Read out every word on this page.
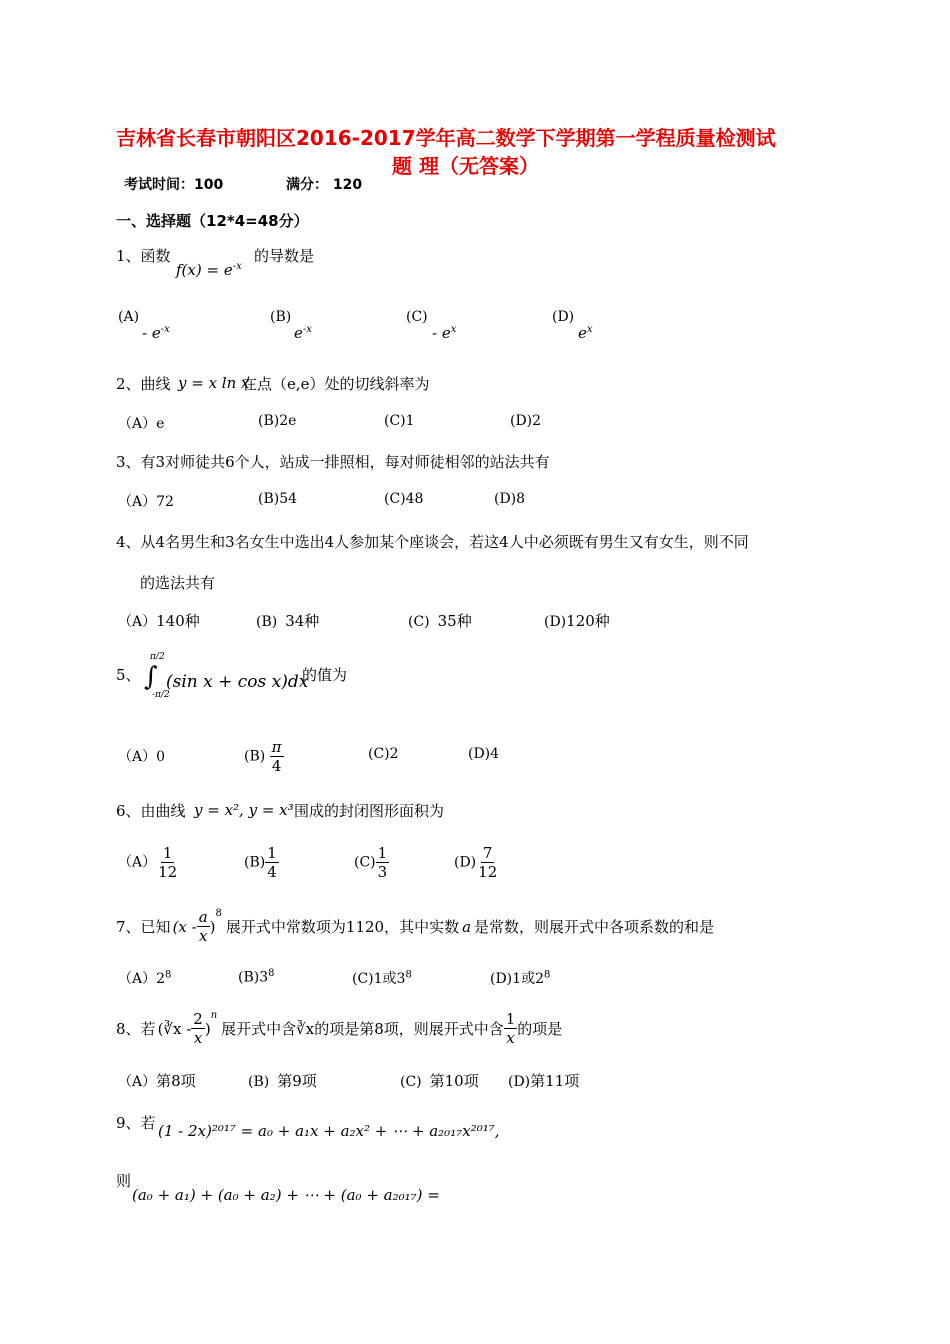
吉林省长春市朝阳区2016-2017学年高二数学下学期第一学程质量检测试
题 理（无答案）
考试时间：100	满分： 120
一、选择题（12*4=48分）
1、函数
$f(x) = e^{-x}$
的导数是
(A)
- $e^{-x}$
(B)
$e^{-x}$
(C)
- $e^x$
(D)
$e^x$
2、曲线 y = x ln x
在点（e,e）处的切线斜率为
（A）e	(B)2e	(C)1	(D)2
3、有3对师徒共6个人，站成一排照相，每对师徒相邻的站法共有
（A）72	(B)54	(C)48	(D)8
4、从4名男生和3名女生中选出4人参加某个座谈会，若这4人中必须既有男生又有女生，则不同
的选法共有
（A）140种	(B) 34种	(C) 35种	(D)120种
5、 ∫
π/2
-π/2
(sin x + cos x)dx
的值为
（A）0	$(B) \frac{\pi}{4}$	(C)2	(D)4
6、由曲线 y = x², y = x³ 围成的封闭图形面积为
$(A) \frac{1}{12}$	$(B) \frac{1}{4}$	$(C) \frac{1}{3}$	$(D) \frac{7}{12}$
7、 已知 ($x - \frac{a}{x}$ )
$^8$
展开式中常数项为1120，其中实数 a 是常数，则展开式中各项系数的和是
$(A)2^8$	$(B)3^8$	(C)1或$3^8$	(D)1或$2^8$
8、 若 (∛x - $\frac{2}{x}$ )
$^n$
展开式中含 ∛x 的项是第8项，则展开式中含 $\frac{1}{x}$ 的项是
（A）第8项	(B) 第9项	(C) 第10项 (D)第11项
9、若 (1 - 2x)²⁰¹⁷ = a₀ + a₁x + a₂x² + ⋯ + a₂₀₁₇x²⁰¹⁷,
则
(a₀ + a₁) + (a₀ + a₂) + ⋯ + (a₀ + a₂₀₁₇) =
